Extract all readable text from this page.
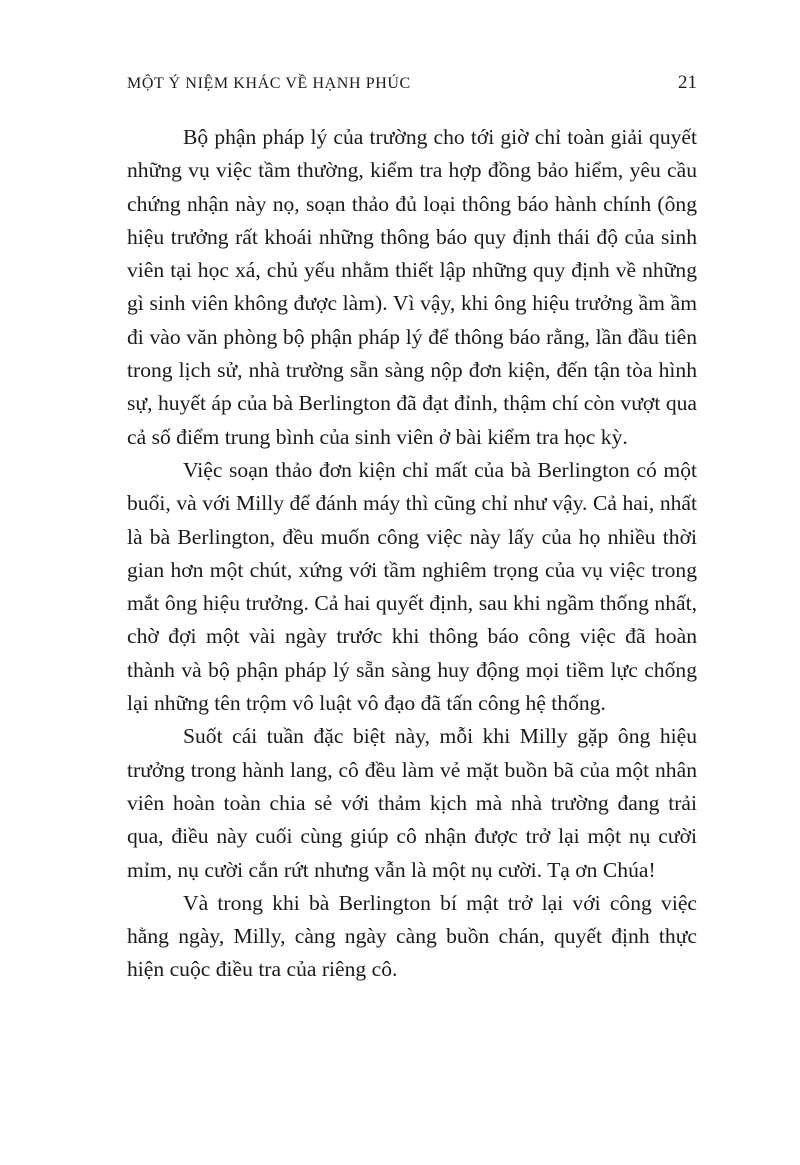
MỘT Ý NIỆM KHÁC VỀ HẠNH PHÚC	21

Bộ phận pháp lý của trường cho tới giờ chỉ toàn giải quyết những vụ việc tầm thường, kiểm tra hợp đồng bảo hiểm, yêu cầu chứng nhận này nọ, soạn thảo đủ loại thông báo hành chính (ông hiệu trưởng rất khoái những thông báo quy định thái độ của sinh viên tại học xá, chủ yếu nhằm thiết lập những quy định về những gì sinh viên không được làm). Vì vậy, khi ông hiệu trưởng ầm ầm đi vào văn phòng bộ phận pháp lý để thông báo rằng, lần đầu tiên trong lịch sử, nhà trường sẵn sàng nộp đơn kiện, đến tận tòa hình sự, huyết áp của bà Berlington đã đạt đỉnh, thậm chí còn vượt qua cả số điểm trung bình của sinh viên ở bài kiểm tra học kỳ.

Việc soạn thảo đơn kiện chỉ mất của bà Berlington có một buổi, và với Milly để đánh máy thì cũng chỉ như vậy. Cả hai, nhất là bà Berlington, đều muốn công việc này lấy của họ nhiều thời gian hơn một chút, xứng với tầm nghiêm trọng của vụ việc trong mắt ông hiệu trưởng. Cả hai quyết định, sau khi ngầm thống nhất, chờ đợi một vài ngày trước khi thông báo công việc đã hoàn thành và bộ phận pháp lý sẵn sàng huy động mọi tiềm lực chống lại những tên trộm vô luật vô đạo đã tấn công hệ thống.

Suốt cái tuần đặc biệt này, mỗi khi Milly gặp ông hiệu trưởng trong hành lang, cô đều làm vẻ mặt buồn bã của một nhân viên hoàn toàn chia sẻ với thảm kịch mà nhà trường đang trải qua, điều này cuối cùng giúp cô nhận được trở lại một nụ cười mỉm, nụ cười cắn rứt nhưng vẫn là một nụ cười. Tạ ơn Chúa!

Và trong khi bà Berlington bí mật trở lại với công việc hằng ngày, Milly, càng ngày càng buồn chán, quyết định thực hiện cuộc điều tra của riêng cô.
